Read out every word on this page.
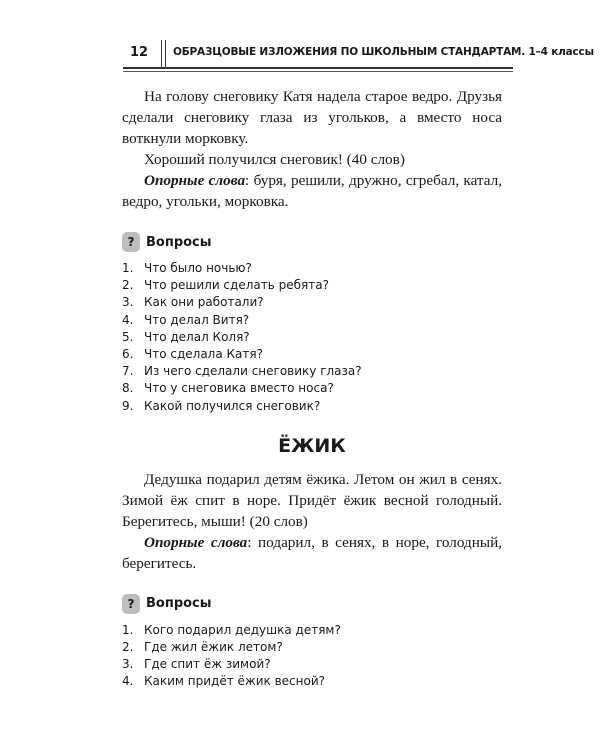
12	ОБРАЗЦОВЫЕ ИЗЛОЖЕНИЯ ПО ШКОЛЬНЫМ СТАНДАРТАМ. 1–4 классы

На голову снеговику Катя надела старое ведро. Друзья сделали снеговику глаза из угольков, а вместо носа воткнули морковку.

Хороший получился снеговик! (40 слов)

Опорные слова: буря, решили, дружно, сгребал, катал, ведро, угольки, морковка.

? Вопросы
1. Что было ночью?
2. Что решили сделать ребята?
3. Как они работали?
4. Что делал Витя?
5. Что делал Коля?
6. Что сделала Катя?
7. Из чего сделали снеговику глаза?
8. Что у снеговика вместо носа?
9. Какой получился снеговик?
ЁЖИК

Дедушка подарил детям ёжика. Летом он жил в сенях. Зимой ёж спит в норе. Придёт ёжик весной голодный. Берегитесь, мыши! (20 слов)

Опорные слова: подарил, в сенях, в норе, голодный, берегитесь.

? Вопросы
1. Кого подарил дедушка детям?
2. Где жил ёжик летом?
3. Где спит ёж зимой?
4. Каким придёт ёжик весной?
